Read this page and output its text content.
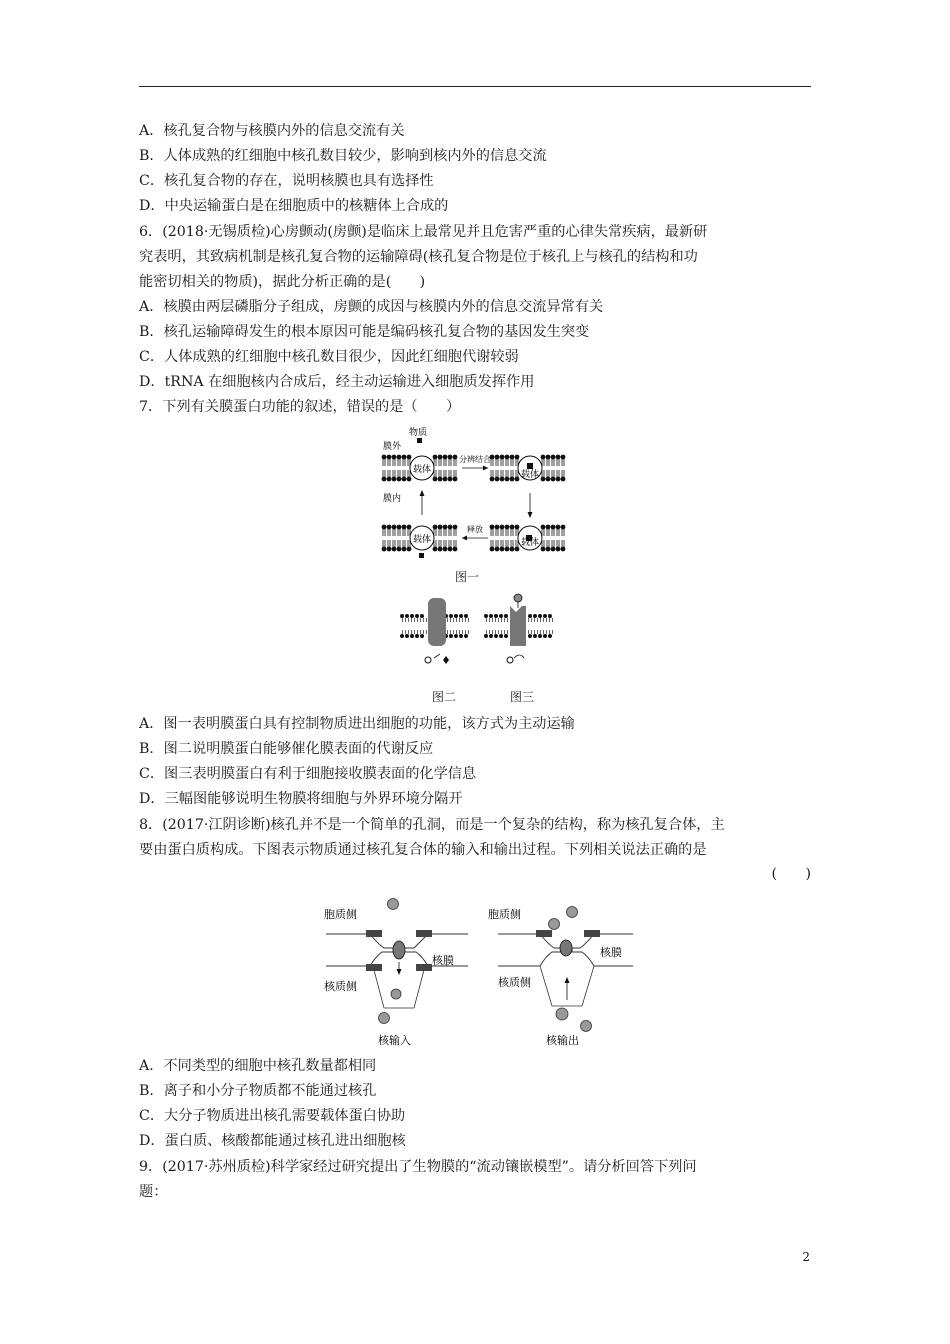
A．核孔复合物与核膜内外的信息交流有关
B．人体成熟的红细胞中核孔数目较少，影响到核内外的信息交流
C．核孔复合物的存在，说明核膜也具有选择性
D．中央运输蛋白是在细胞质中的核糖体上合成的
6．(2018·无锡质检)心房颤动(房颤)是临床上最常见并且危害严重的心律失常疾病，最新研
究表明，其致病机制是核孔复合物的运输障碍(核孔复合物是位于核孔上与核孔的结构和功
能密切相关的物质)，据此分析正确的是(　　)
A．核膜由两层磷脂分子组成，房颤的成因与核膜内外的信息交流异常有关
B．核孔运输障碍发生的根本原因可能是编码核孔复合物的基因发生突变
C．人体成熟的红细胞中核孔数目很少，因此红细胞代谢较弱
D．tRNA 在细胞核内合成后，经主动运输进入细胞质发挥作用
7．下列有关膜蛋白功能的叙述，错误的是（　　）
物质
膜外
载体
膜内
载体
分辨结合
载体	载体
释放
图一
图二	图三
A．图一表明膜蛋白具有控制物质进出细胞的功能，该方式为主动运输
B．图二说明膜蛋白能够催化膜表面的代谢反应
C．图三表明膜蛋白有利于细胞接收膜表面的化学信息
D．三幅图能够说明生物膜将细胞与外界环境分隔开
8．(2017·江阴诊断)核孔并不是一个简单的孔洞，而是一个复杂的结构，称为核孔复合体，主
要由蛋白质构成。下图表示物质通过核孔复合体的输入和输出过程。下列相关说法正确的是
(　　)
胞质侧
核膜
核质侧
核输入
胞质侧
核膜
核质侧
核输出
A．不同类型的细胞中核孔数量都相同
B．离子和小分子物质都不能通过核孔
C．大分子物质进出核孔需要载体蛋白协助
D．蛋白质、核酸都能通过核孔进出细胞核
9．(2017·苏州质检)科学家经过研究提出了生物膜的“流动镶嵌模型”。请分析回答下列问
题：
2
